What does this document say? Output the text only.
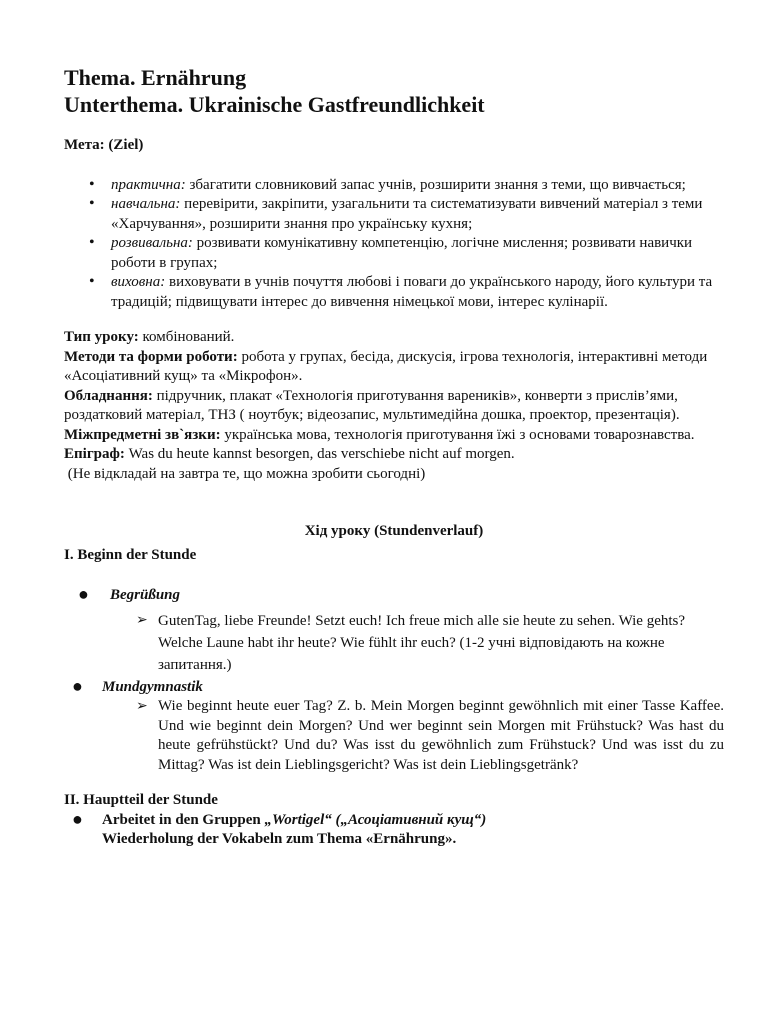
Thema. Ernährung
Unterthema. Ukrainische Gastfreundlichkeit
Мета: (Ziel)
• практична: збагатити словниковий запас учнів, розширити знання з теми, що вивчається;
• навчальна: перевірити, закріпити, узагальнити та систематизувати вивчений матеріал з теми «Харчування», розширити знання про українську кухня;
• розвивальна: розвивати комунікативну компетенцію, логічне мислення; розвивати навички роботи в групах;
• виховна: виховувати в учнів почуття любові і поваги до українського народу, його культури та традицій; підвищувати інтерес до вивчення німецької мови, інтерес кулінарії.
Тип уроку: комбінований.
Методи та форми роботи: робота у групах, бесіда, дискусія, ігрова технологія, інтерактивні методи «Асоціативний кущ» та «Мікрофон».
Обладнання: підручник, плакат «Технологія приготування вареників», конверти з прислів’ями, роздатковий матеріал, ТНЗ ( ноутбук; відеозапис, мультимедійна дошка, проектор, презентація).
Міжпредметні зв`язки: українська мова, технологія приготування їжі з основами товарознавства.
Епіграф: Was du heute kannst besorgen, das verschiebe nicht auf morgen.
(Не відкладай на завтра те, що можна зробити сьогодні)
Хід уроку (Stundenverlauf)
I. Beginn der Stunde
● Begrüßung
➢ GutenTag, liebe Freunde! Setzt euch! Ich freue mich alle sie heute zu sehen. Wie gehts? Welche Laune habt ihr heute? Wie fühlt ihr euch? (1-2 учні відповідають на кожне запитання.)
● Mundgymnastik
➢ Wie beginnt heute euer Tag? Z. b. Mein Morgen beginnt gewöhnlich mit einer Tasse Kaffee. Und wie beginnt dein Morgen? Und wer beginnt sein Morgen mit Frühstuck? Was hast du heute gefrühstückt? Und du? Was isst du gewöhnlich zum Frühstuck? Und was isst du zu Mittag? Was ist dein Lieblingsgericht? Was ist dein Lieblingsgetränk?
II. Hauptteil der Stunde
● Arbeitet in den Gruppen „Wortigel“ („Асоціативний кущ“)
Wiederholung der Vokabeln zum Thema «Ernährung».
